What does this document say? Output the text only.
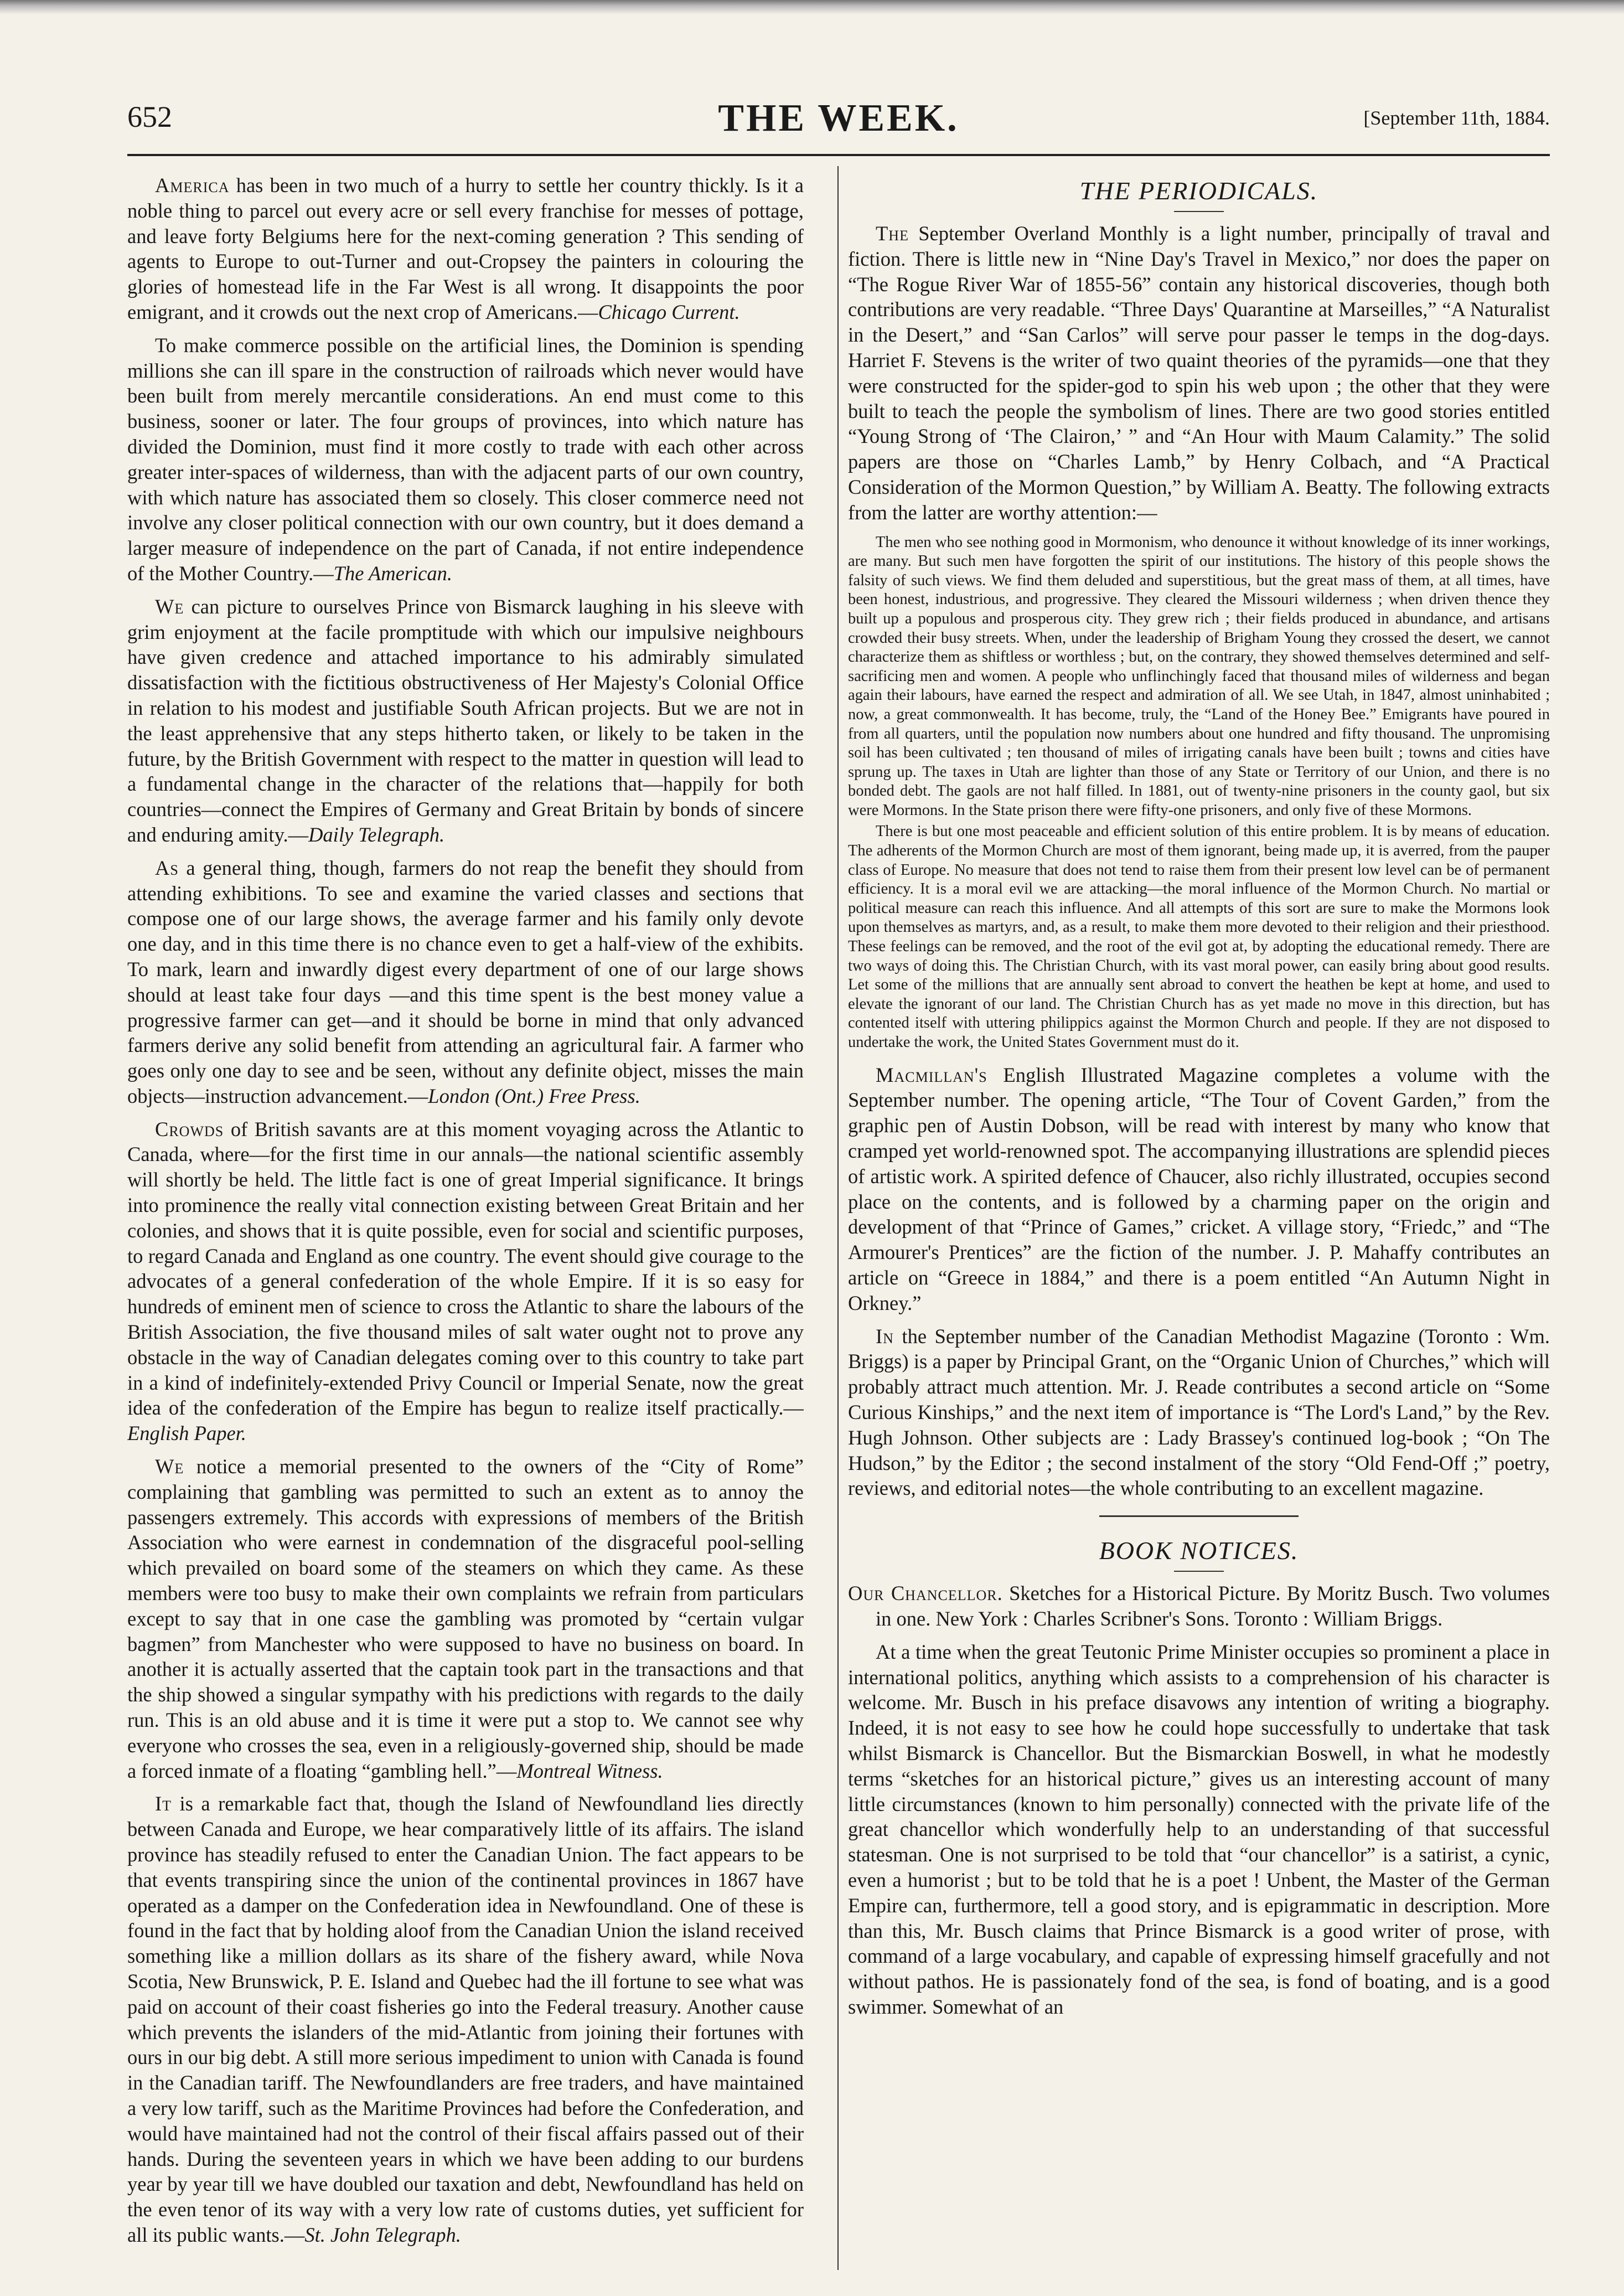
652	THE WEEK.	[September 11th, 1884.

America has been in two much of a hurry to settle her country thickly. Is it a noble thing to parcel out every acre or sell every franchise for messes of pottage, and leave forty Belgiums here for the next-coming generation ? This sending of agents to Europe to out-Turner and out-Cropsey the painters in colouring the glories of homestead life in the Far West is all wrong. It disappoints the poor emigrant, and it crowds out the next crop of Americans.—Chicago Current.

To make commerce possible on the artificial lines, the Dominion is spending millions she can ill spare in the construction of railroads which never would have been built from merely mercantile considerations. An end must come to this business, sooner or later. The four groups of provinces, into which nature has divided the Dominion, must find it more costly to trade with each other across greater inter-spaces of wilderness, than with the adjacent parts of our own country, with which nature has associated them so closely. This closer commerce need not involve any closer political connection with our own country, but it does demand a larger measure of independence on the part of Canada, if not entire independence of the Mother Country.—The American.

We can picture to ourselves Prince von Bismarck laughing in his sleeve with grim enjoyment at the facile promptitude with which our impulsive neighbours have given credence and attached importance to his admirably simulated dissatisfaction with the fictitious obstructiveness of Her Majesty's Colonial Office in relation to his modest and justifiable South African projects. But we are not in the least apprehensive that any steps hitherto taken, or likely to be taken in the future, by the British Government with respect to the matter in question will lead to a fundamental change in the character of the relations that—happily for both countries—connect the Empires of Germany and Great Britain by bonds of sincere and enduring amity.—Daily Telegraph.

As a general thing, though, farmers do not reap the benefit they should from attending exhibitions. To see and examine the varied classes and sections that compose one of our large shows, the average farmer and his family only devote one day, and in this time there is no chance even to get a half-view of the exhibits. To mark, learn and inwardly digest every department of one of our large shows should at least take four days —and this time spent is the best money value a progressive farmer can get—and it should be borne in mind that only advanced farmers derive any solid benefit from attending an agricultural fair. A farmer who goes only one day to see and be seen, without any definite object, misses the main objects—instruction advancement.—London (Ont.) Free Press.

Crowds of British savants are at this moment voyaging across the Atlantic to Canada, where—for the first time in our annals—the national scientific assembly will shortly be held. The little fact is one of great Imperial significance. It brings into prominence the really vital connection existing between Great Britain and her colonies, and shows that it is quite possible, even for social and scientific purposes, to regard Canada and England as one country. The event should give courage to the advocates of a general confederation of the whole Empire. If it is so easy for hundreds of eminent men of science to cross the Atlantic to share the labours of the British Association, the five thousand miles of salt water ought not to prove any obstacle in the way of Canadian delegates coming over to this country to take part in a kind of indefinitely-extended Privy Council or Imperial Senate, now the great idea of the confederation of the Empire has begun to realize itself practically.—English Paper.

We notice a memorial presented to the owners of the “City of Rome” complaining that gambling was permitted to such an extent as to annoy the passengers extremely. This accords with expressions of members of the British Association who were earnest in condemnation of the disgraceful pool-selling which prevailed on board some of the steamers on which they came. As these members were too busy to make their own complaints we refrain from particulars except to say that in one case the gambling was promoted by “certain vulgar bagmen” from Manchester who were supposed to have no business on board. In another it is actually asserted that the captain took part in the transactions and that the ship showed a singular sympathy with his predictions with regards to the daily run. This is an old abuse and it is time it were put a stop to. We cannot see why everyone who crosses the sea, even in a religiously-governed ship, should be made a forced inmate of a floating “gambling hell.”—Montreal Witness.

It is a remarkable fact that, though the Island of Newfoundland lies directly between Canada and Europe, we hear comparatively little of its affairs. The island province has steadily refused to enter the Canadian Union. The fact appears to be that events transpiring since the union of the continental provinces in 1867 have operated as a damper on the Confederation idea in Newfoundland. One of these is found in the fact that by holding aloof from the Canadian Union the island received something like a million dollars as its share of the fishery award, while Nova Scotia, New Brunswick, P. E. Island and Quebec had the ill fortune to see what was paid on account of their coast fisheries go into the Federal treasury. Another cause which prevents the islanders of the mid-Atlantic from joining their fortunes with ours in our big debt. A still more serious impediment to union with Canada is found in the Canadian tariff. The Newfoundlanders are free traders, and have maintained a very low tariff, such as the Maritime Provinces had before the Confederation, and would have maintained had not the control of their fiscal affairs passed out of their hands. During the seventeen years in which we have been adding to our burdens year by year till we have doubled our taxation and debt, Newfoundland has held on the even tenor of its way with a very low rate of customs duties, yet sufficient for all its public wants.—St. John Telegraph.

THE PERIODICALS.

The September Overland Monthly is a light number, principally of traval and fiction. There is little new in “Nine Day's Travel in Mexico,” nor does the paper on “The Rogue River War of 1855-56” contain any historical discoveries, though both contributions are very readable. “Three Days' Quarantine at Marseilles,” “A Naturalist in the Desert,” and “San Carlos” will serve pour passer le temps in the dog-days. Harriet F. Stevens is the writer of two quaint theories of the pyramids—one that they were constructed for the spider-god to spin his web upon ; the other that they were built to teach the people the symbolism of lines. There are two good stories entitled “Young Strong of ‘The Clairon,’ ” and “An Hour with Maum Calamity.” The solid papers are those on “Charles Lamb,” by Henry Colbach, and “A Practical Consideration of the Mormon Question,” by William A. Beatty. The following extracts from the latter are worthy attention:—

The men who see nothing good in Mormonism, who denounce it without knowledge of its inner workings, are many. But such men have forgotten the spirit of our institutions. The history of this people shows the falsity of such views. We find them deluded and superstitious, but the great mass of them, at all times, have been honest, industrious, and progressive. They cleared the Missouri wilderness ; when driven thence they built up a populous and prosperous city. They grew rich ; their fields produced in abundance, and artisans crowded their busy streets. When, under the leadership of Brigham Young they crossed the desert, we cannot characterize them as shiftless or worthless ; but, on the contrary, they showed themselves determined and self-sacrificing men and women. A people who unflinchingly faced that thousand miles of wilderness and began again their labours, have earned the respect and admiration of all. We see Utah, in 1847, almost uninhabited ; now, a great commonwealth. It has become, truly, the “Land of the Honey Bee.” Emigrants have poured in from all quarters, until the population now numbers about one hundred and fifty thousand. The unpromising soil has been cultivated ; ten thousand of miles of irrigating canals have been built ; towns and cities have sprung up. The taxes in Utah are lighter than those of any State or Territory of our Union, and there is no bonded debt. The gaols are not half filled. In 1881, out of twenty-nine prisoners in the county gaol, but six were Mormons. In the State prison there were fifty-one prisoners, and only five of these Mormons.

There is but one most peaceable and efficient solution of this entire problem. It is by means of education. The adherents of the Mormon Church are most of them ignorant, being made up, it is averred, from the pauper class of Europe. No measure that does not tend to raise them from their present low level can be of permanent efficiency. It is a moral evil we are attacking—the moral influence of the Mormon Church. No martial or political measure can reach this influence. And all attempts of this sort are sure to make the Mormons look upon themselves as martyrs, and, as a result, to make them more devoted to their religion and their priesthood. These feelings can be removed, and the root of the evil got at, by adopting the educational remedy. There are two ways of doing this. The Christian Church, with its vast moral power, can easily bring about good results. Let some of the millions that are annually sent abroad to convert the heathen be kept at home, and used to elevate the ignorant of our land. The Christian Church has as yet made no move in this direction, but has contented itself with uttering philippics against the Mormon Church and people. If they are not disposed to undertake the work, the United States Government must do it.

Macmillan's English Illustrated Magazine completes a volume with the September number. The opening article, “The Tour of Covent Garden,” from the graphic pen of Austin Dobson, will be read with interest by many who know that cramped yet world-renowned spot. The accompanying illustrations are splendid pieces of artistic work. A spirited defence of Chaucer, also richly illustrated, occupies second place on the contents, and is followed by a charming paper on the origin and development of that “Prince of Games,” cricket. A village story, “Friedc,” and “The Armourer's Prentices” are the fiction of the number. J. P. Mahaffy contributes an article on “Greece in 1884,” and there is a poem entitled “An Autumn Night in Orkney.”

In the September number of the Canadian Methodist Magazine (Toronto : Wm. Briggs) is a paper by Principal Grant, on the “Organic Union of Churches,” which will probably attract much attention. Mr. J. Reade contributes a second article on “Some Curious Kinships,” and the next item of importance is “The Lord's Land,” by the Rev. Hugh Johnson. Other subjects are : Lady Brassey's continued log-book ; “On The Hudson,” by the Editor ; the second instalment of the story “Old Fend-Off ;” poetry, reviews, and editorial notes—the whole contributing to an excellent magazine.

BOOK NOTICES.

Our Chancellor. Sketches for a Historical Picture. By Moritz Busch. Two volumes in one. New York : Charles Scribner's Sons. Toronto : William Briggs.

At a time when the great Teutonic Prime Minister occupies so prominent a place in international politics, anything which assists to a comprehension of his character is welcome. Mr. Busch in his preface disavows any intention of writing a biography. Indeed, it is not easy to see how he could hope successfully to undertake that task whilst Bismarck is Chancellor. But the Bismarckian Boswell, in what he modestly terms “sketches for an historical picture,” gives us an interesting account of many little circumstances (known to him personally) connected with the private life of the great chancellor which wonderfully help to an understanding of that successful statesman. One is not surprised to be told that “our chancellor” is a satirist, a cynic, even a humorist ; but to be told that he is a poet ! Unbent, the Master of the German Empire can, furthermore, tell a good story, and is epigrammatic in description. More than this, Mr. Busch claims that Prince Bismarck is a good writer of prose, with command of a large vocabulary, and capable of expressing himself gracefully and not without pathos. He is passionately fond of the sea, is fond of boating, and is a good swimmer. Somewhat of an
